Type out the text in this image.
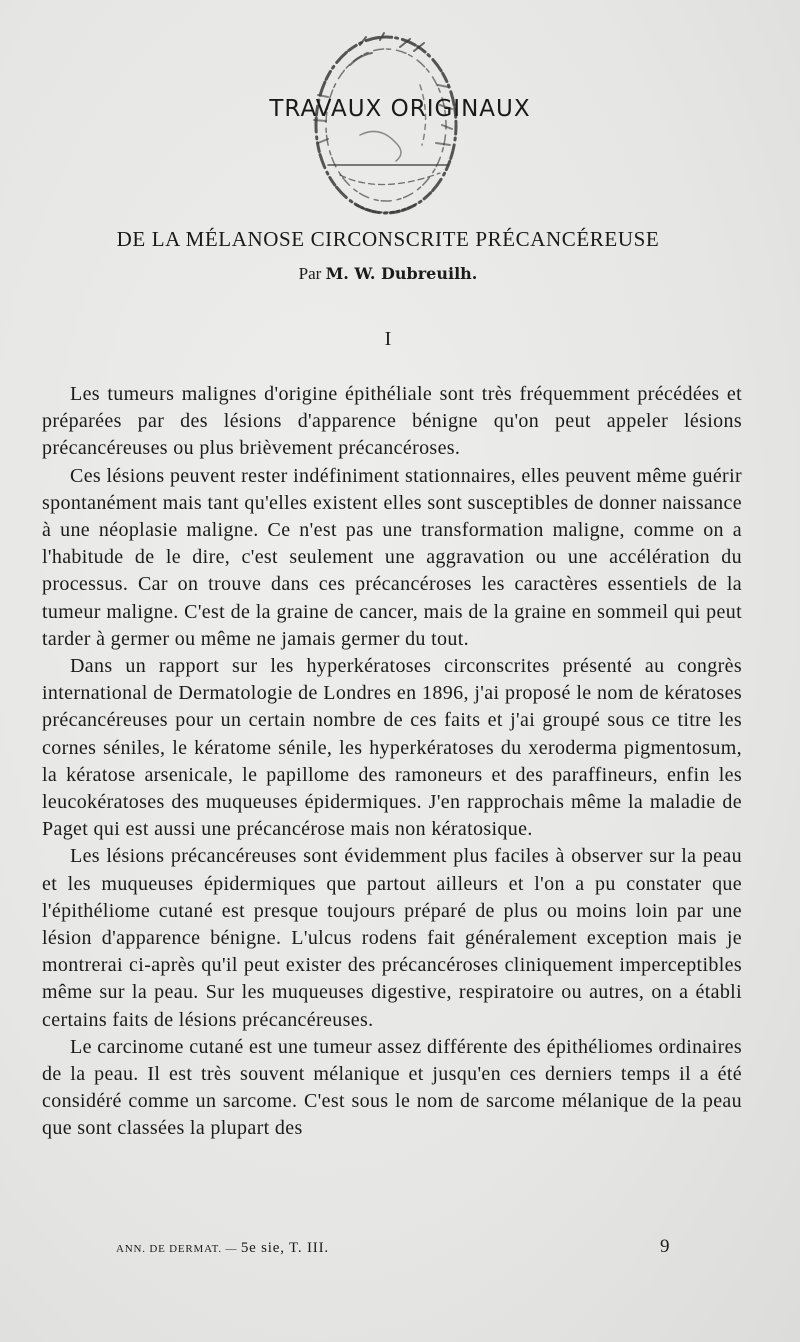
TRAVAUX ORIGINAUX
DE LA MÉLANOSE CIRCONSCRITE PRÉCANCÉREUSE
Par M. W. Dubreuilh.
I

Les tumeurs malignes d'origine épithéliale sont très fréquemment précédées et préparées par des lésions d'apparence bénigne qu'on peut appeler lésions précancéreuses ou plus brièvement précancéroses.

Ces lésions peuvent rester indéfiniment stationnaires, elles peuvent même guérir spontanément mais tant qu'elles existent elles sont susceptibles de donner naissance à une néoplasie maligne. Ce n'est pas une transformation maligne, comme on a l'habitude de le dire, c'est seulement une aggravation ou une accélération du processus. Car on trouve dans ces précancéroses les caractères essentiels de la tumeur maligne. C'est de la graine de cancer, mais de la graine en sommeil qui peut tarder à germer ou même ne jamais germer du tout.

Dans un rapport sur les hyperkératoses circonscrites présenté au congrès international de Dermatologie de Londres en 1896, j'ai proposé le nom de kératoses précancéreuses pour un certain nombre de ces faits et j'ai groupé sous ce titre les cornes séniles, le kératome sénile, les hyperkératoses du xeroderma pigmentosum, la kératose arsenicale, le papillome des ramoneurs et des paraffineurs, enfin les leucokératoses des muqueuses épidermiques. J'en rapprochais même la maladie de Paget qui est aussi une précancérose mais non kératosique.

Les lésions précancéreuses sont évidemment plus faciles à observer sur la peau et les muqueuses épidermiques que partout ailleurs et l'on a pu constater que l'épithéliome cutané est presque toujours préparé de plus ou moins loin par une lésion d'apparence bénigne. L'ulcus rodens fait généralement exception mais je montrerai ci-après qu'il peut exister des précancéroses cliniquement imperceptibles même sur la peau. Sur les muqueuses digestive, respiratoire ou autres, on a établi certains faits de lésions précancéreuses.

Le carcinome cutané est une tumeur assez différente des épithéliomes ordinaires de la peau. Il est très souvent mélanique et jusqu'en ces derniers temps il a été considéré comme un sarcome. C'est sous le nom de sarcome mélanique de la peau que sont classées la plupart des

ANN. DE DERMAT. — 5e sie, T. III.	9
